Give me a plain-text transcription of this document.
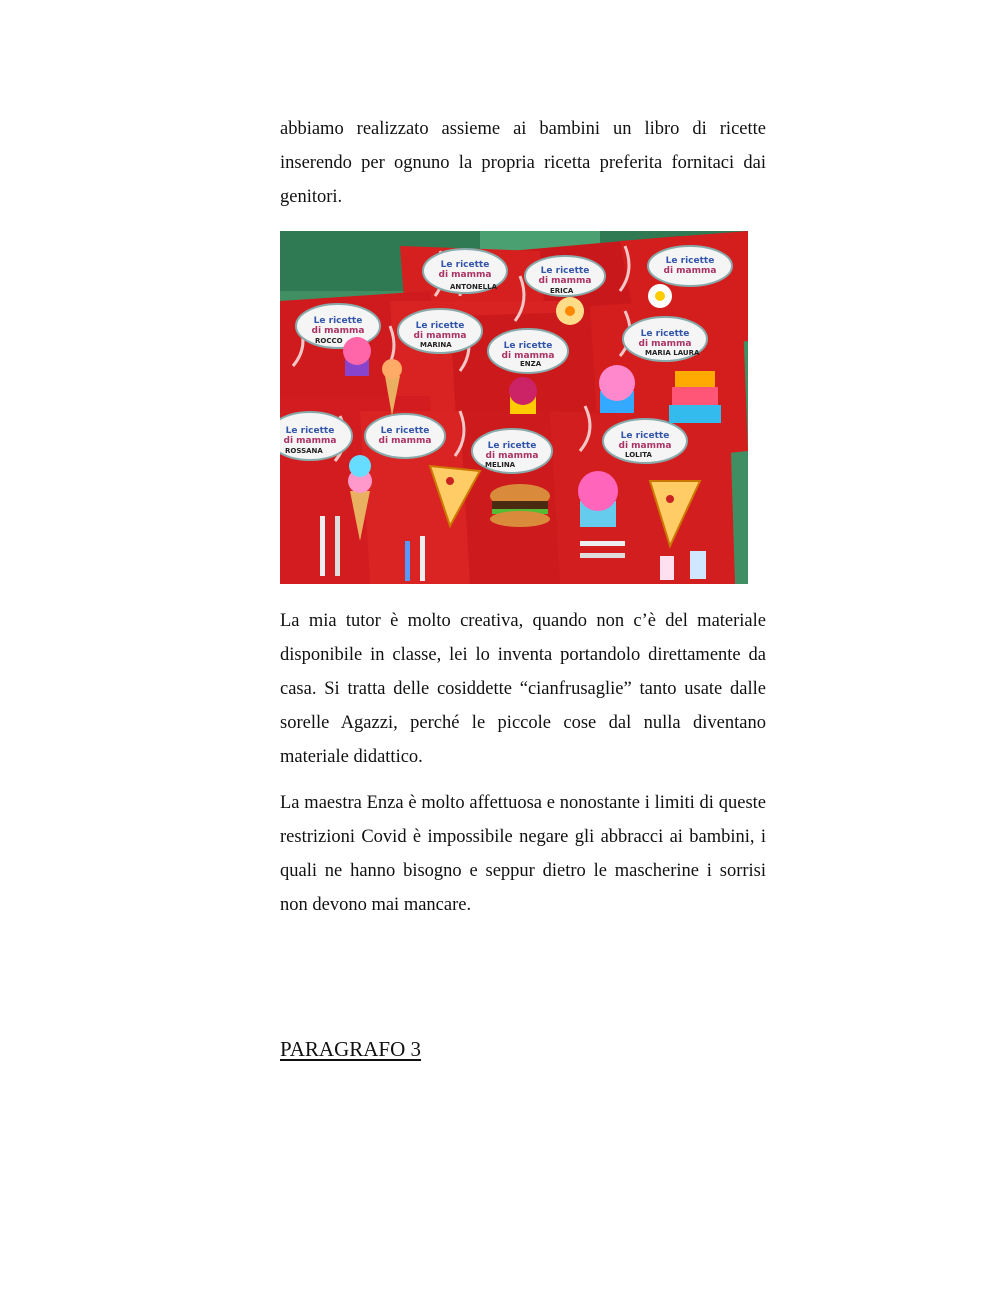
abbiamo realizzato assieme ai bambini un libro di ricette inserendo per ognuno la propria ricetta preferita fornitaci dai genitori.

Le ricette
di mamma	Le ricette
di mamma
Le ricette
di mamma
Le ricette
di mamma	Le ricette
di mamma
Le ricette
di mamma
Le ricette
di mamma
Le ricette
di mamma
Le ricette
di mamma	Le ricette
di mamma
Le ricette
di mamma
ANTONELLA	ERICA
ROCCO	MARINA
ENZA
ROSSANA
MARIA LAURA
MELINA
LOLITA

La mia tutor è molto creativa, quando non c’è del materiale disponibile in classe, lei lo inventa portandolo direttamente da casa. Si tratta delle cosiddette “cianfrusaglie” tanto usate dalle sorelle Agazzi, perché le piccole cose dal nulla diventano materiale didattico.

La maestra Enza è molto affettuosa e nonostante i limiti di queste restrizioni Covid è impossibile negare gli abbracci ai bambini, i quali ne hanno bisogno e seppur dietro le mascherine i sorrisi non devono mai mancare.

PARAGRAFO 3
